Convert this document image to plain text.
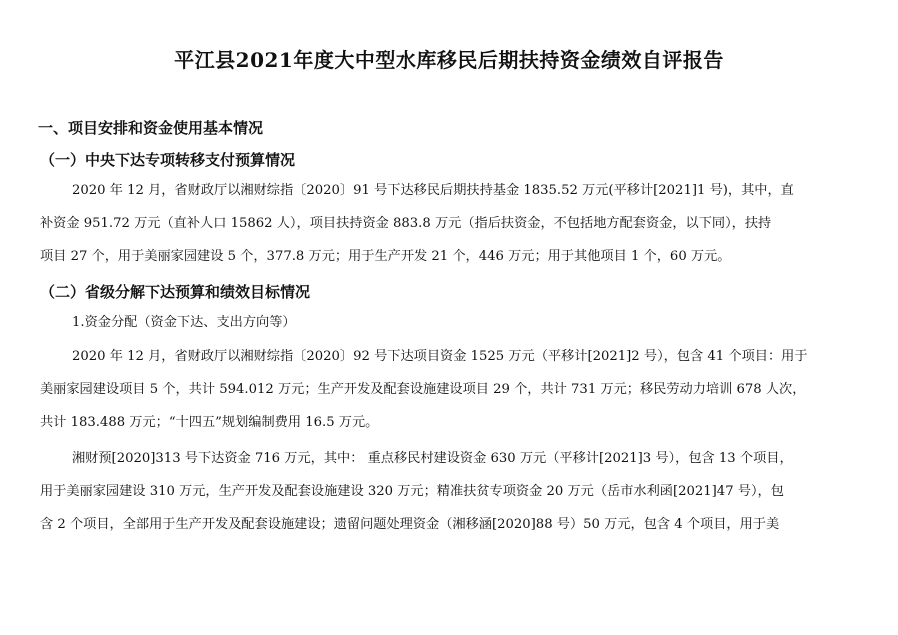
平江县2021年度大中型水库移民后期扶持资金绩效自评报告
一、项目安排和资金使用基本情况
（一）中央下达专项转移支付预算情况
2020 年 12 月，省财政厅以湘财综指〔2020〕91 号下达移民后期扶持基金 1835.52 万元(平移计[2021]1 号)，其中，直
补资金 951.72 万元（直补人口 15862 人），项目扶持资金 883.8 万元（指后扶资金，不包括地方配套资金，以下同），扶持
项目 27 个，用于美丽家园建设 5 个，377.8 万元；用于生产开发 21 个，446 万元；用于其他项目 1 个，60 万元。
（二）省级分解下达预算和绩效目标情况
1.资金分配（资金下达、支出方向等）
2020 年 12 月，省财政厅以湘财综指〔2020〕92 号下达项目资金 1525 万元（平移计[2021]2 号），包含 41 个项目：用于
美丽家园建设项目 5 个，共计 594.012 万元；生产开发及配套设施建设项目 29 个，共计 731 万元；移民劳动力培训 678 人次，
共计 183.488 万元；“十四五”规划编制费用 16.5 万元。
湘财预[2020]313 号下达资金 716 万元，其中： 重点移民村建设资金 630 万元（平移计[2021]3 号），包含 13 个项目，
用于美丽家园建设 310 万元，生产开发及配套设施建设 320 万元；精准扶贫专项资金 20 万元（岳市水利函[2021]47 号），包
含 2 个项目，全部用于生产开发及配套设施建设；遗留问题处理资金（湘移涵[2020]88 号）50 万元，包含 4 个项目，用于美
